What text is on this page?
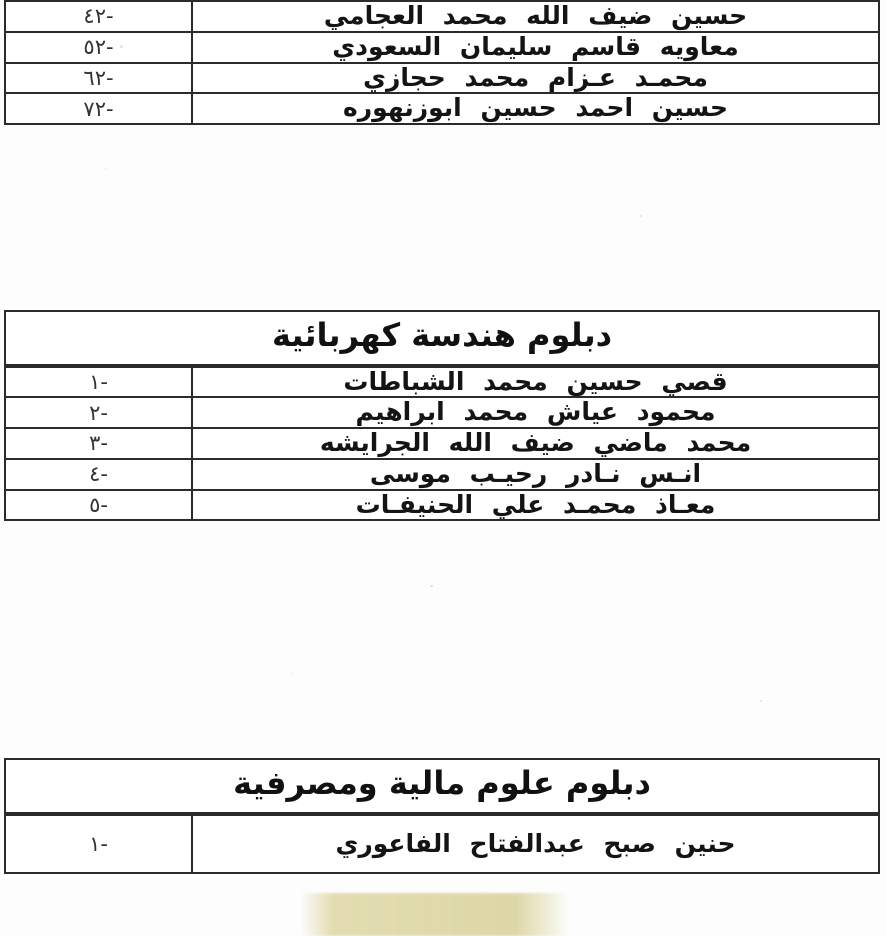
حسين ضيف الله محمد العجامي	-٢٤
معاويه قاسم سليمان السعودي	-٢٥
محمـد عـزام محمد حجازي	-٢٦
حسين احمد حسين ابوزنهوره	-٢٧
دبلوم هندسة كهربائية
قصي حسين محمد الشباطات	-١
محمود عياش محمد ابراهيم	-٢
محمد ماضي ضيف الله الجرايشه	-٣
انـس نـادر رحيـب موسى	-٤
معـاذ محمـد علي الحنيفـات	-٥
دبلوم علوم مالية ومصرفية
حنين صبح عبدالفتاح الفاعوري	-١
